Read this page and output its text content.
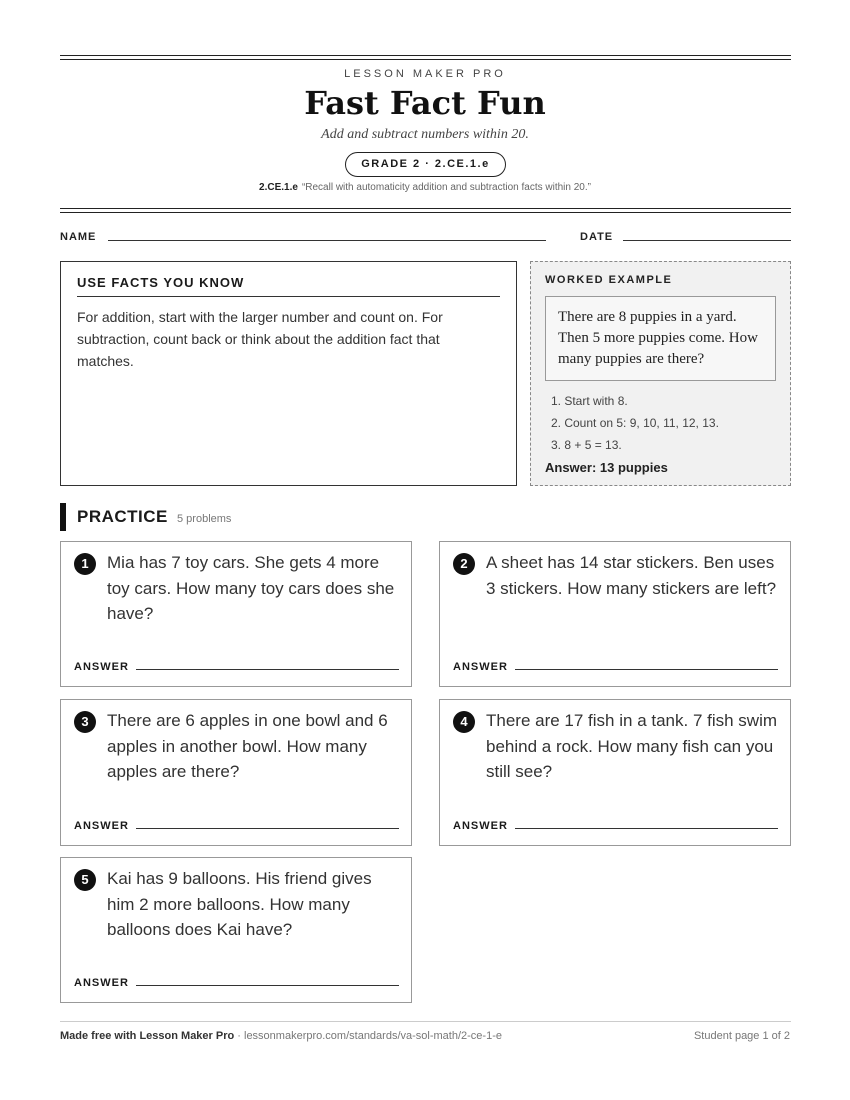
LESSON MAKER PRO
Fast Fact Fun
Add and subtract numbers within 20.
GRADE 2 · 2.CE.1.e
2.CE.1.e “Recall with automaticity addition and subtraction facts within 20.”
NAME	DATE
USE FACTS YOU KNOW
For addition, start with the larger number and count on. For subtraction, count back or think about the addition fact that matches.
WORKED EXAMPLE
There are 8 puppies in a yard. Then 5 more puppies come. How many puppies are there?
1. Start with 8.
2. Count on 5: 9, 10, 11, 12, 13.
3. 8 + 5 = 13.
Answer: 13 puppies
PRACTICE 5 problems
1	Mia has 7 toy cars. She gets 4 more toy cars. How many toy cars does she have?
ANSWER
2	A sheet has 14 star stickers. Ben uses 3 stickers. How many stickers are left?
ANSWER
3	There are 6 apples in one bowl and 6 apples in another bowl. How many apples are there?
ANSWER
4	There are 17 fish in a tank. 7 fish swim behind a rock. How many fish can you still see?
ANSWER
5	Kai has 9 balloons. His friend gives him 2 more balloons. How many balloons does Kai have?
ANSWER
Made free with Lesson Maker Pro · lessonmakerpro.com/standards/va-sol-math/2-ce-1-e	Student page 1 of 2
